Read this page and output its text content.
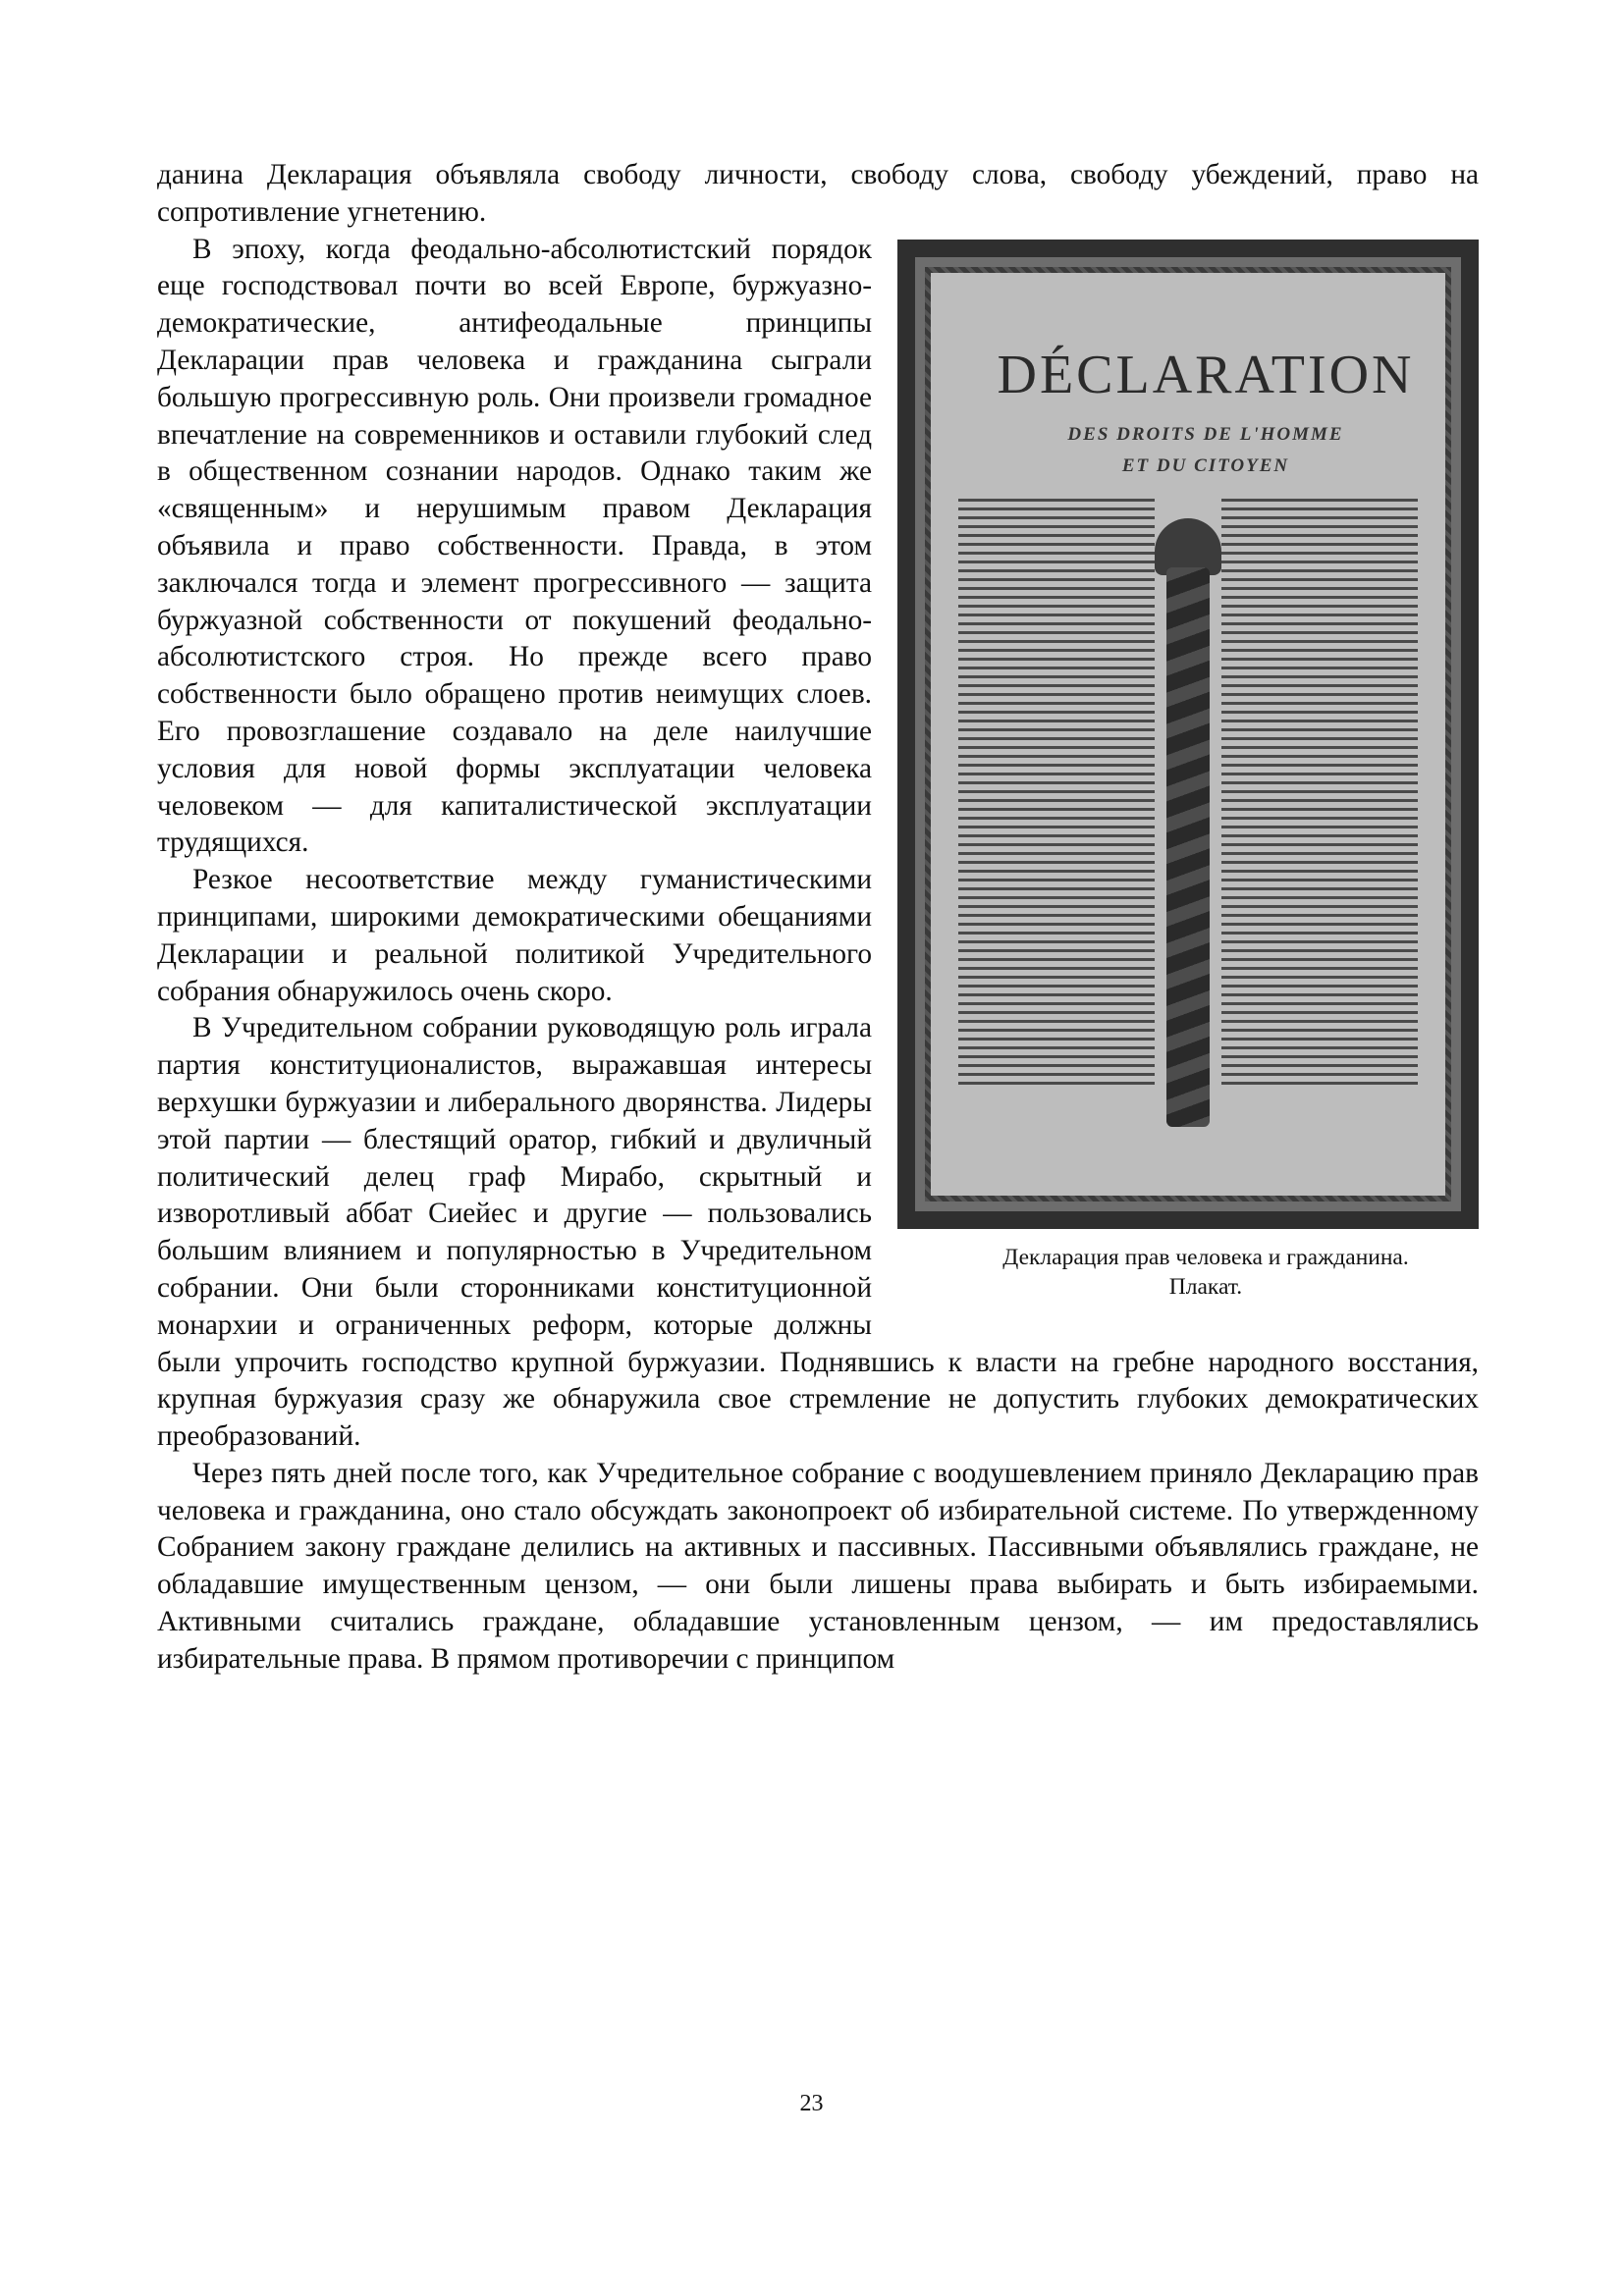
данина Декларация объявляла свободу личности, свободу слова, свободу убеждений, право на сопротивление угнетению.

DÉCLARATION
DES DROITS DE L'HOMME
ET DU CITOYEN
Декларация прав человека и гражданина.
Плакат.
В эпоху, когда феодально-абсолютистский порядок еще господствовал почти во всей Европе, буржуазно-демократические, антифеодальные принципы Декларации прав человека и гражданина сыграли большую прогрессивную роль. Они произвели громадное впечатление на современников и оставили глубокий след в общественном сознании народов. Однако таким же «священным» и нерушимым правом Декларация объявила и право собственности. Правда, в этом заключался тогда и элемент прогрессивного — защита буржуазной собственности от покушений феодально-абсолютистского строя. Но прежде всего право собственности было обращено против неимущих слоев. Его провозглашение создавало на деле наилучшие условия для новой формы эксплуатации человека человеком — для капиталистической эксплуатации трудящихся.

Резкое несоответствие между гуманистическими принципами, широкими демократическими обещаниями Декларации и реальной политикой Учредительного собрания обнаружилось очень скоро.

В Учредительном собрании руководящую роль играла партия конституционалистов, выражавшая интересы верхушки буржуазии и либерального дворянства. Лидеры этой партии — блестящий оратор, гибкий и двуличный политический делец граф Мирабо, скрытный и изворотливый аббат Сиейес и другие — пользовались большим влиянием и популярностью в Учредительном собрании. Они были сторонниками конституционной монархии и ограниченных реформ, которые должны были упрочить господство крупной буржуазии. Поднявшись к власти на гребне народного восстания, крупная буржуазия сразу же обнаружила свое стремление не допустить глубоких демократических преобразований.

Через пять дней после того, как Учредительное собрание с воодушевлением приняло Декларацию прав человека и гражданина, оно стало обсуждать законопроект об избирательной системе. По утвержденному Собранием закону граждане делились на активных и пассивных. Пассивными объявлялись граждане, не обладавшие имущественным цензом, — они были лишены права выбирать и быть избираемыми. Активными считались граждане, обладавшие установленным цензом, — им предоставлялись избирательные права. В прямом противоречии с принципом

23
